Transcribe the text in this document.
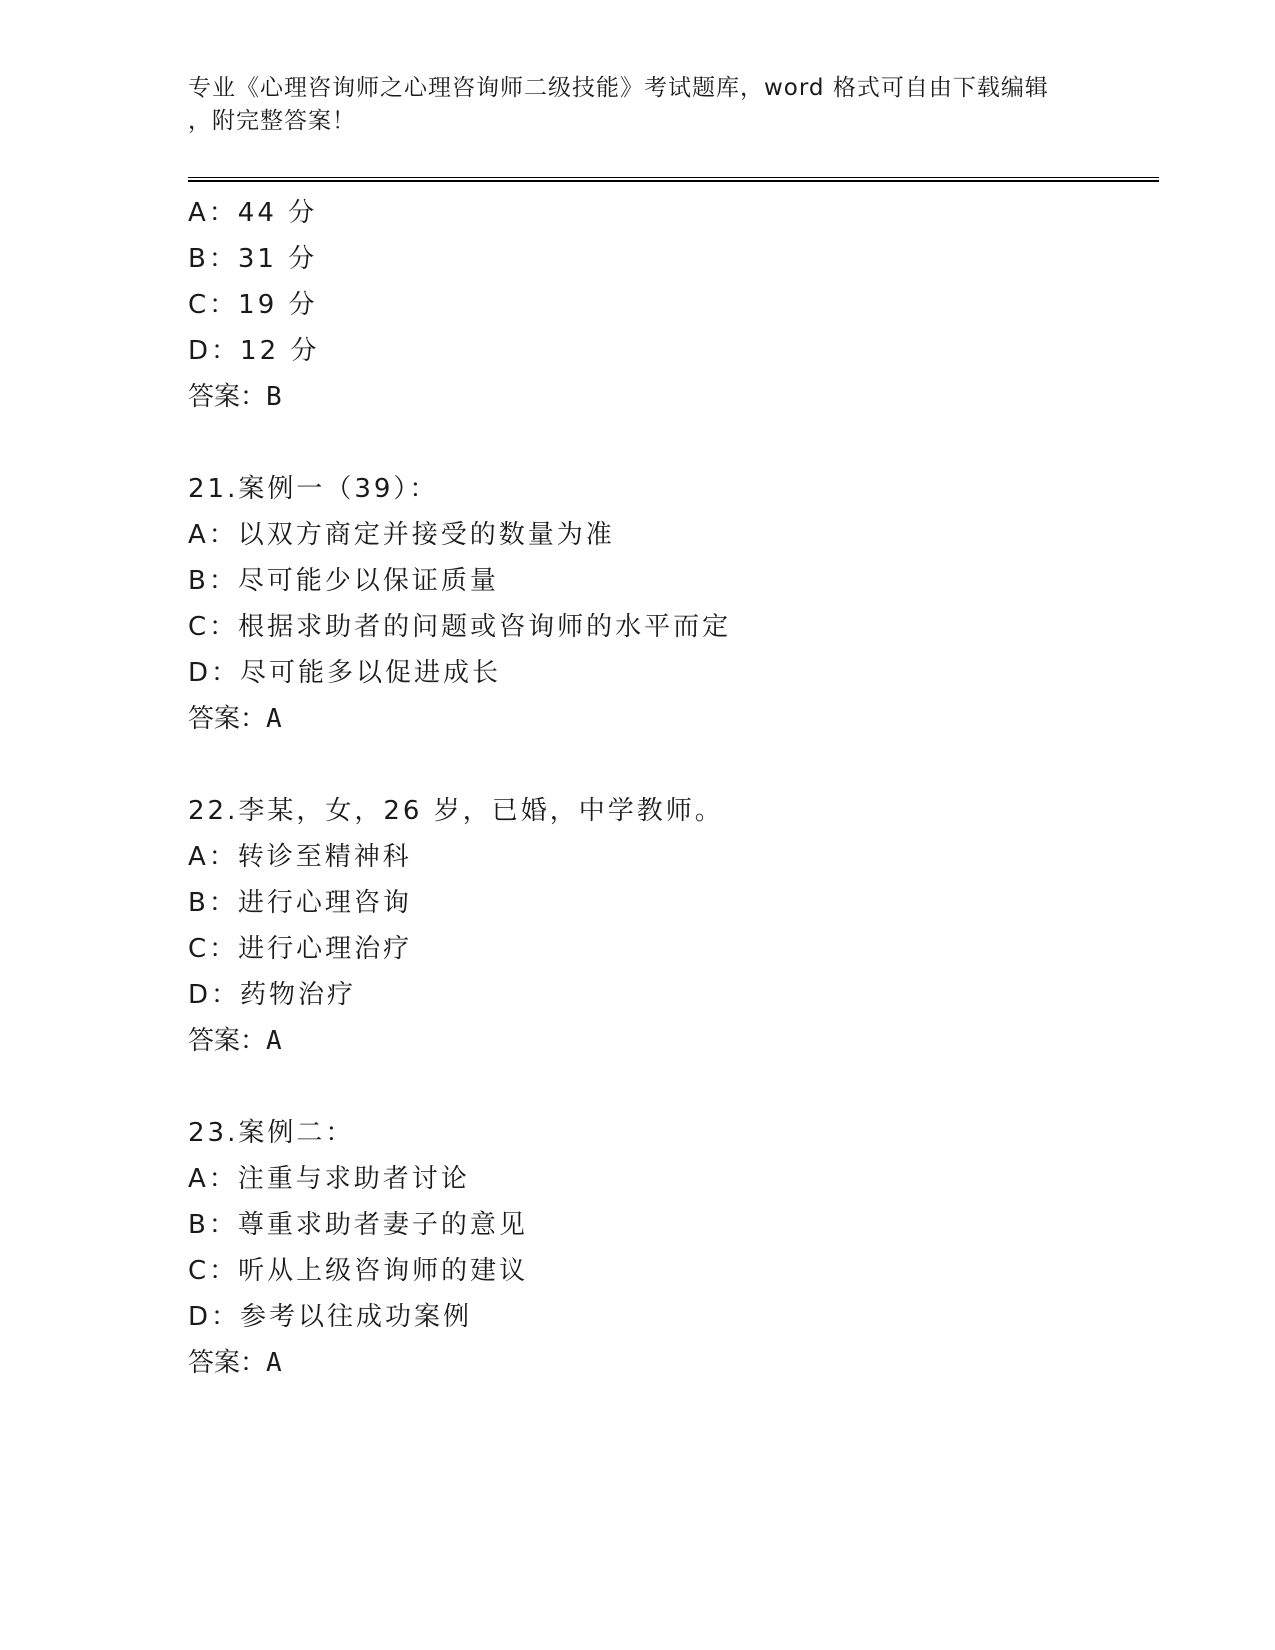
专业《心理咨询师之心理咨询师二级技能》考试题库，word 格式可自由下载编辑
，附完整答案！
A：44 分
B：31 分
C：19 分
D：12 分
答案：B
21.案例一（39）：
A：以双方商定并接受的数量为准
B：尽可能少以保证质量
C：根据求助者的问题或咨询师的水平而定
D：尽可能多以促进成长
答案：A
22.李某，女，26 岁，已婚，中学教师。
A：转诊至精神科
B：进行心理咨询
C：进行心理治疗
D：药物治疗
答案：A
23.案例二：
A：注重与求助者讨论
B：尊重求助者妻子的意见
C：听从上级咨询师的建议
D：参考以往成功案例
答案：A
